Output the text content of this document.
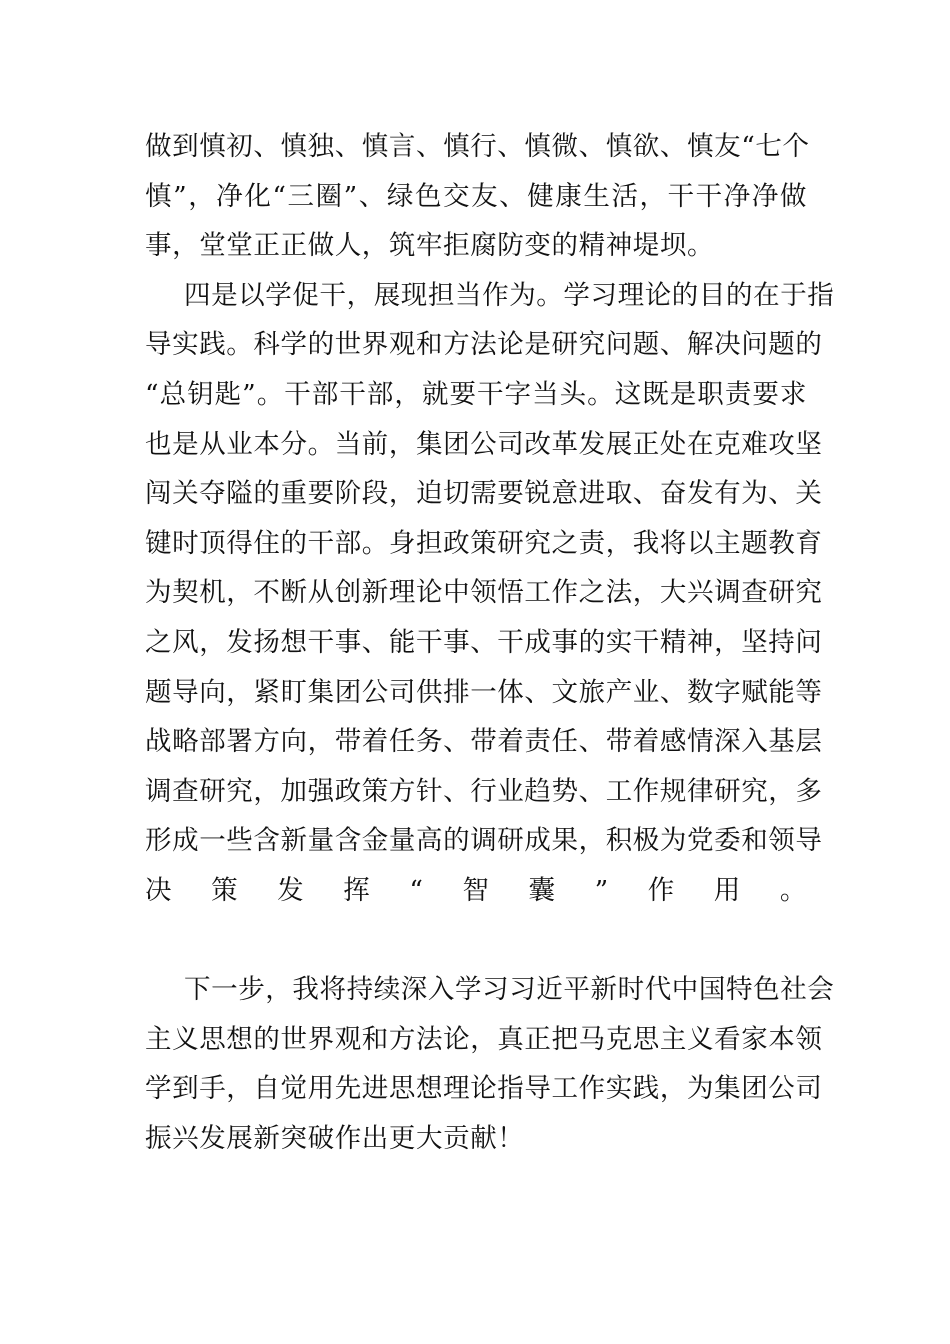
做到慎初、慎独、慎言、慎行、慎微、慎欲、慎友“七个
慎”，净化“三圈”、绿色交友、健康生活，干干净净做
事，堂堂正正做人，筑牢拒腐防变的精神堤坝。
四是以学促干，展现担当作为。学习理论的目的在于指
导实践。科学的世界观和方法论是研究问题、解决问题的
“总钥匙”。干部干部，就要干字当头。这既是职责要求
也是从业本分。当前，集团公司改革发展正处在克难攻坚
闯关夺隘的重要阶段，迫切需要锐意进取、奋发有为、关
键时顶得住的干部。身担政策研究之责，我将以主题教育
为契机，不断从创新理论中领悟工作之法，大兴调查研究
之风，发扬想干事、能干事、干成事的实干精神，坚持问
题导向，紧盯集团公司供排一体、文旅产业、数字赋能等
战略部署方向，带着任务、带着责任、带着感情深入基层
调查研究，加强政策方针、行业趋势、工作规律研究，多
形成一些含新量含金量高的调研成果，积极为党委和领导
决策发挥“智囊”作用。
下一步，我将持续深入学习习近平新时代中国特色社会
主义思想的世界观和方法论，真正把马克思主义看家本领
学到手，自觉用先进思想理论指导工作实践，为集团公司
振兴发展新突破作出更大贡献！
